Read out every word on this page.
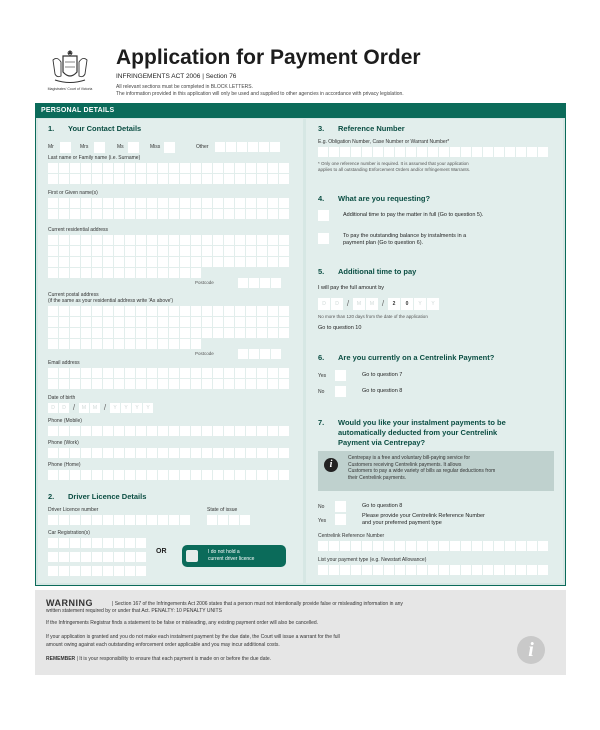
Magistrates' Court of Victoria
Application for Payment Order
INFRINGEMENTS ACT 2006 | Section 76
All relevant sections must be completed in BLOCK LETTERS.
The information provided in this application will only be used and supplied to other agencies in accordance with privacy legislation.
PERSONAL DETAILS
1. Your Contact Details
Mr	Mrs	Ms	Miss	Other
Last name or Family name (i.e. Surname)
First or Given name(s)
Current residential address
Postcode
Current postal address
(if the same as your residential address write 'As above')
Postcode
Email address
Date of birth
D	D /	M	M /	Y	Y	Y	Y
Phone (Mobile)
Phone (Work)
Phone (Home)
2. Driver Licence Details
Driver Licence number	State of issue
Car Registration(s)
OR	I do not hold a
current driver licence
3. Reference Number
E.g. Obligation Number, Case Number or Warrant Number*
* Only one reference number is required. It is assumed that your application
applies to all outstanding Enforcement Orders and/or Infringement Warrants.
4. What are you requesting?
Additional time to pay the matter in full (Go to question 5).
To pay the outstanding balance by instalments in a
payment plan (Go to question 6).
5. Additional time to pay
I will pay the full amount by
D	D	/	M	M /	2	0	Y	Y
No more than 120 days from the date of the application
Go to question 10
6. Are you currently on a Centrelink Payment?
Yes	Go to question 7
No	Go to question 8
7. Would you like your instalment payments to be
automatically deducted from your Centrelink
Payment via Centrepay?
i
Centrepay is a free and voluntary bill-paying service for
Customers receiving Centrelink payments. It allows
Customers to pay a wide variety of bills as regular deductions from
their Centrelink payments.
No	Go to question 8
Yes
Please provide your Centrelink Reference Number
and your preferred payment type
Centrelink Reference Number
List your payment type (e.g. Newstart Allowance)
WARNING	| Section 167 of the Infringements Act 2006 states that a person must not intentionally provide false or misleading information in any
written statement required by or under that Act. PENALTY: 10 PENALTY UNITS
If the Infringements Registrar finds a statement to be false or misleading, any existing payment order will also be cancelled.
If your application is granted and you do not make each instalment payment by the due date, the Court will issue a warrant for the full
amount owing against each outstanding enforcement order applicable and you may incur additional costs.
REMEMBER | It is your responsibility to ensure that each payment is made on or before the due date.	i
